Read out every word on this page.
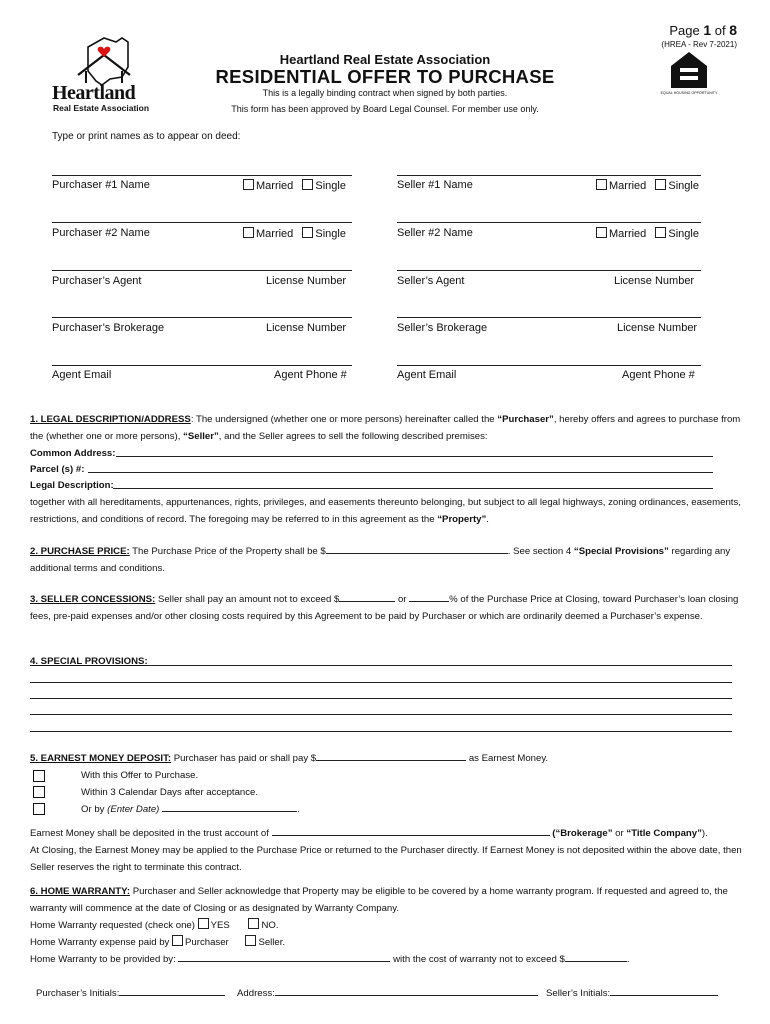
Heartland
Real Estate Association
Page 1 of 8
(HREA - Rev 7-2021)
Heartland Real Estate Association
RESIDENTIAL OFFER TO PURCHASE
This is a legally binding contract when signed by both parties.
This form has been approved by Board Legal Counsel. For member use only.
EQUAL HOUSING OPPORTUNITY
Type or print names as to appear on deed:
Purchaser #1 Name	Married Single	Seller #1 Name	Married Single
Purchaser #2 Name	Married Single	Seller #2 Name	Married Single
Purchaser’s Agent	License Number	Seller’s Agent	License Number
Purchaser’s Brokerage	License Number	Seller’s Brokerage	License Number
Agent Email	Agent Phone #	Agent Email	Agent Phone #
1. LEGAL DESCRIPTION/ADDRESS: The undersigned (whether one or more persons) hereinafter called the “Purchaser”, hereby offers and agrees to purchase from the (whether one or more persons), “Seller”, and the Seller agrees to sell the following described premises:
Common Address:
Parcel (s) #:
Legal Description:
together with all hereditaments, appurtenances, rights, privileges, and easements thereunto belonging, but subject to all legal highways, zoning ordinances, easements, restrictions, and conditions of record. The foregoing may be referred to in this agreement as the “Property”.
2. PURCHASE PRICE: The Purchase Price of the Property shall be $	. See section 4 “Special Provisions” regarding any additional terms and conditions.
3. SELLER CONCESSIONS: Seller shall pay an amount not to exceed $	or	% of the Purchase Price at Closing, toward Purchaser’s loan closing fees, pre-paid expenses and/or other closing costs required by this Agreement to be paid by Purchaser or which are ordinarily deemed a Purchaser’s expense.
4. SPECIAL PROVISIONS:
5. EARNEST MONEY DEPOSIT: Purchaser has paid or shall pay $	as Earnest Money.
With this Offer to Purchase.
Within 3 Calendar Days after acceptance.
Or by (Enter Date)	.
Earnest Money shall be deposited in the trust account of	(“Brokerage” or “Title Company”).
At Closing, the Earnest Money may be applied to the Purchase Price or returned to the Purchaser directly. If Earnest Money is not deposited within the above date, then Seller reserves the right to terminate this contract.
6. HOME WARRANTY: Purchaser and Seller acknowledge that Property may be eligible to be covered by a home warranty program. If requested and agreed to, the warranty will commence at the date of Closing or as designated by Warranty Company.
Home Warranty requested (check one) YES	NO.
Home Warranty expense paid by Purchaser	Seller.
Home Warranty to be provided by:	with the cost of warranty not to exceed $	.
Purchaser’s Initials:	Address:	Seller’s Initials:
